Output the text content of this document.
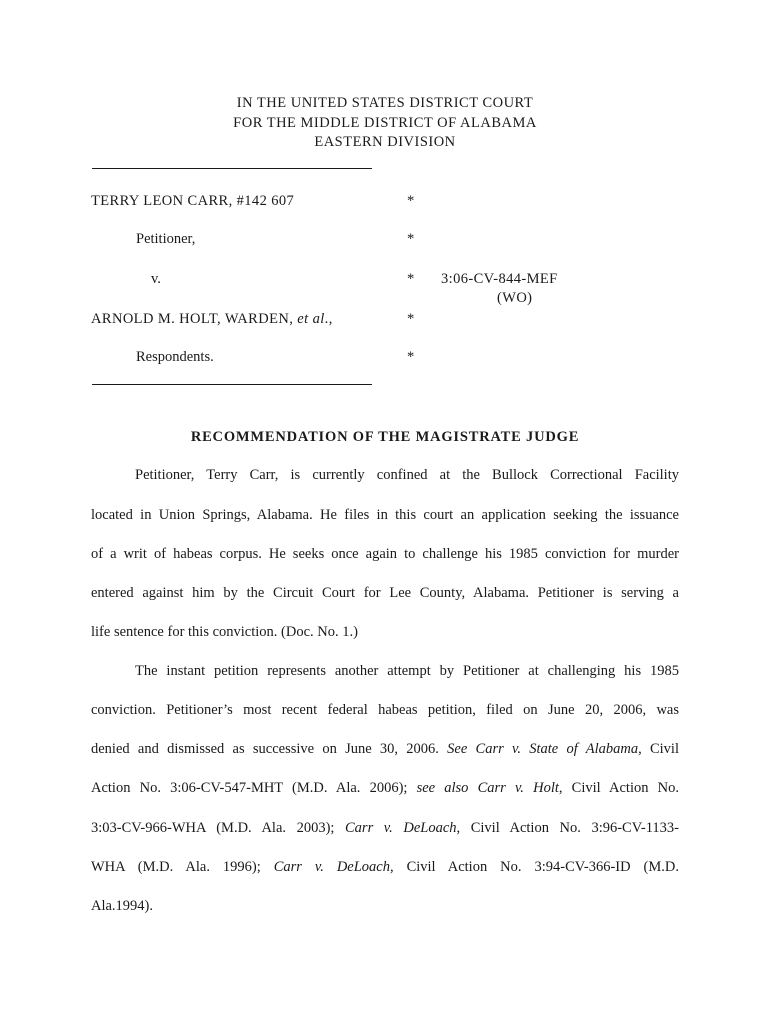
IN THE UNITED STATES DISTRICT COURT
FOR THE MIDDLE DISTRICT OF ALABAMA
EASTERN DIVISION
TERRY LEON CARR, #142 607	*
Petitioner,	*
v.	* 3:06-CV-844-MEF
(WO)
ARNOLD M. HOLT, WARDEN, et al.,	*
Respondents.	*
RECOMMENDATION OF THE MAGISTRATE JUDGE
Petitioner, Terry Carr, is currently confined at the Bullock Correctional Facility
located in Union Springs, Alabama. He files in this court an application seeking the issuance
of a writ of habeas corpus. He seeks once again to challenge his 1985 conviction for murder
entered against him by the Circuit Court for Lee County, Alabama. Petitioner is serving a
life sentence for this conviction. (Doc. No. 1.)
The instant petition represents another attempt by Petitioner at challenging his 1985
conviction. Petitioner’s most recent federal habeas petition, filed on June 20, 2006, was
denied and dismissed as successive on June 30, 2006. See Carr v. State of Alabama, Civil
Action No. 3:06-CV-547-MHT (M.D. Ala. 2006); see also Carr v. Holt, Civil Action No.
3:03-CV-966-WHA (M.D. Ala. 2003); Carr v. DeLoach, Civil Action No. 3:96-CV-1133-
WHA (M.D. Ala. 1996); Carr v. DeLoach, Civil Action No. 3:94-CV-366-ID (M.D.
Ala.1994).
